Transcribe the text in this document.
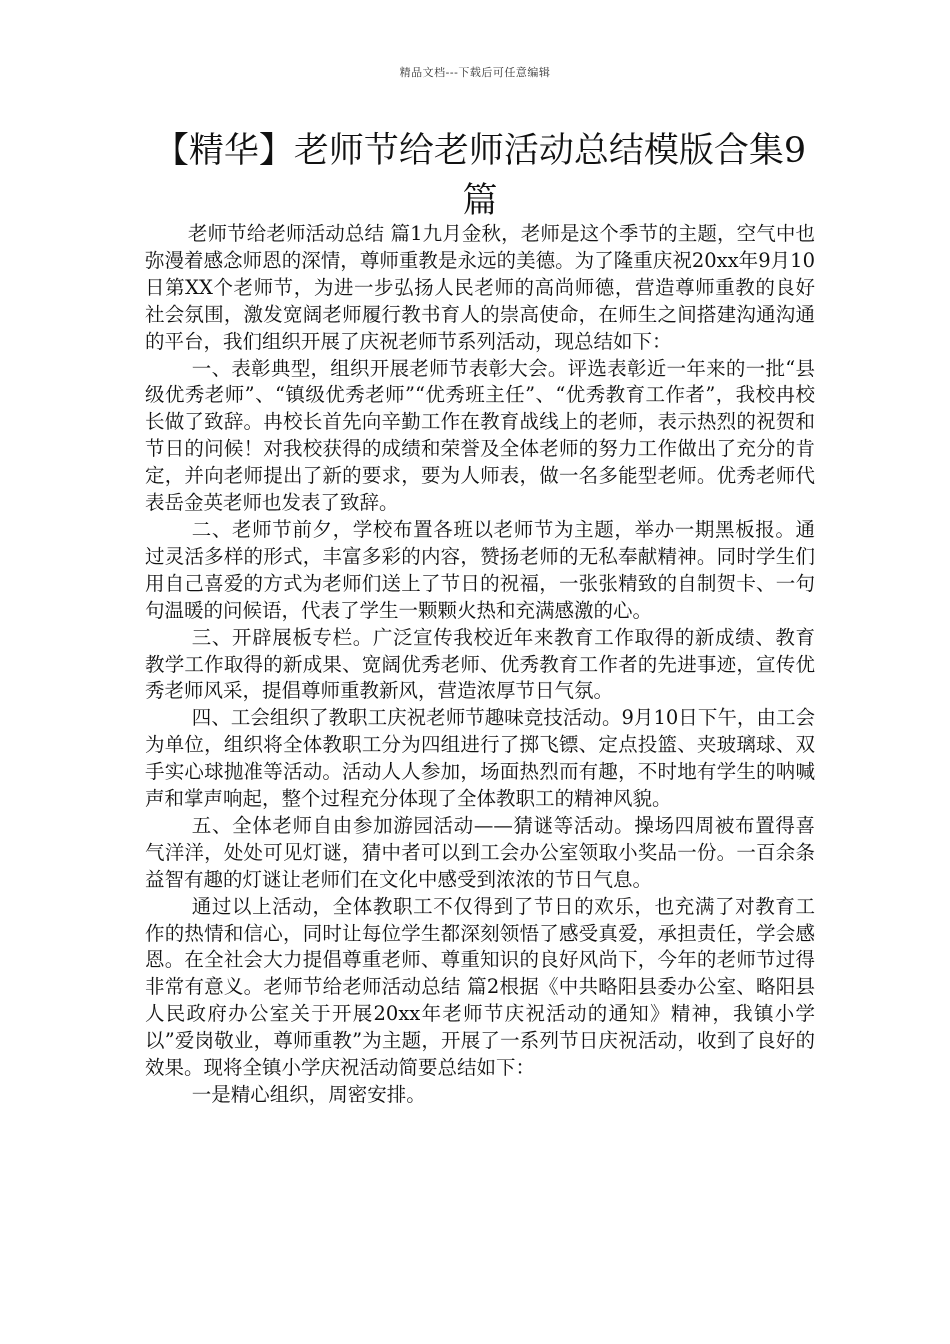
精品文档---下载后可任意编辑
【精华】老师节给老师活动总结模版合集9篇

老师节给老师活动总结 篇1九月金秋，老师是这个季节的主题，空气中也弥漫着感念师恩的深情，尊师重教是永远的美德。为了隆重庆祝20xx年9月10日第XX个老师节，为进一步弘扬人民老师的高尚师德，营造尊师重教的良好社会氛围，激发宽阔老师履行教书育人的崇高使命，在师生之间搭建沟通沟通的平台，我们组织开展了庆祝老师节系列活动，现总结如下：

一、表彰典型，组织开展老师节表彰大会。评选表彰近一年来的一批“县级优秀老师”、“镇级优秀老师”“优秀班主任”、“优秀教育工作者”，我校冉校长做了致辞。冉校长首先向辛勤工作在教育战线上的老师，表示热烈的祝贺和节日的问候！对我校获得的成绩和荣誉及全体老师的努力工作做出了充分的肯定，并向老师提出了新的要求，要为人师表，做一名多能型老师。优秀老师代表岳金英老师也发表了致辞。

二、老师节前夕，学校布置各班以老师节为主题，举办一期黑板报。通过灵活多样的形式，丰富多彩的内容，赞扬老师的无私奉献精神。同时学生们用自己喜爱的方式为老师们送上了节日的祝福，一张张精致的自制贺卡、一句句温暖的问候语，代表了学生一颗颗火热和充满感激的心。

三、开辟展板专栏。广泛宣传我校近年来教育工作取得的新成绩、教育教学工作取得的新成果、宽阔优秀老师、优秀教育工作者的先进事迹，宣传优秀老师风采，提倡尊师重教新风，营造浓厚节日气氛。

四、工会组织了教职工庆祝老师节趣味竞技活动。9月10日下午，由工会为单位，组织将全体教职工分为四组进行了掷飞镖、定点投篮、夹玻璃球、双手实心球抛准等活动。活动人人参加，场面热烈而有趣，不时地有学生的呐喊声和掌声响起，整个过程充分体现了全体教职工的精神风貌。

五、全体老师自由参加游园活动——猜谜等活动。操场四周被布置得喜气洋洋，处处可见灯谜，猜中者可以到工会办公室领取小奖品一份。一百余条益智有趣的灯谜让老师们在文化中感受到浓浓的节日气息。

通过以上活动，全体教职工不仅得到了节日的欢乐，也充满了对教育工作的热情和信心，同时让每位学生都深刻领悟了感受真爱，承担责任，学会感恩。在全社会大力提倡尊重老师、尊重知识的良好风尚下，今年的老师节过得非常有意义。老师节给老师活动总结 篇2根据《中共略阳县委办公室、略阳县人民政府办公室关于开展20xx年老师节庆祝活动的通知》精神，我镇小学以”爱岗敬业，尊师重教”为主题，开展了一系列节日庆祝活动，收到了良好的效果。现将全镇小学庆祝活动简要总结如下：

一是精心组织，周密安排。
